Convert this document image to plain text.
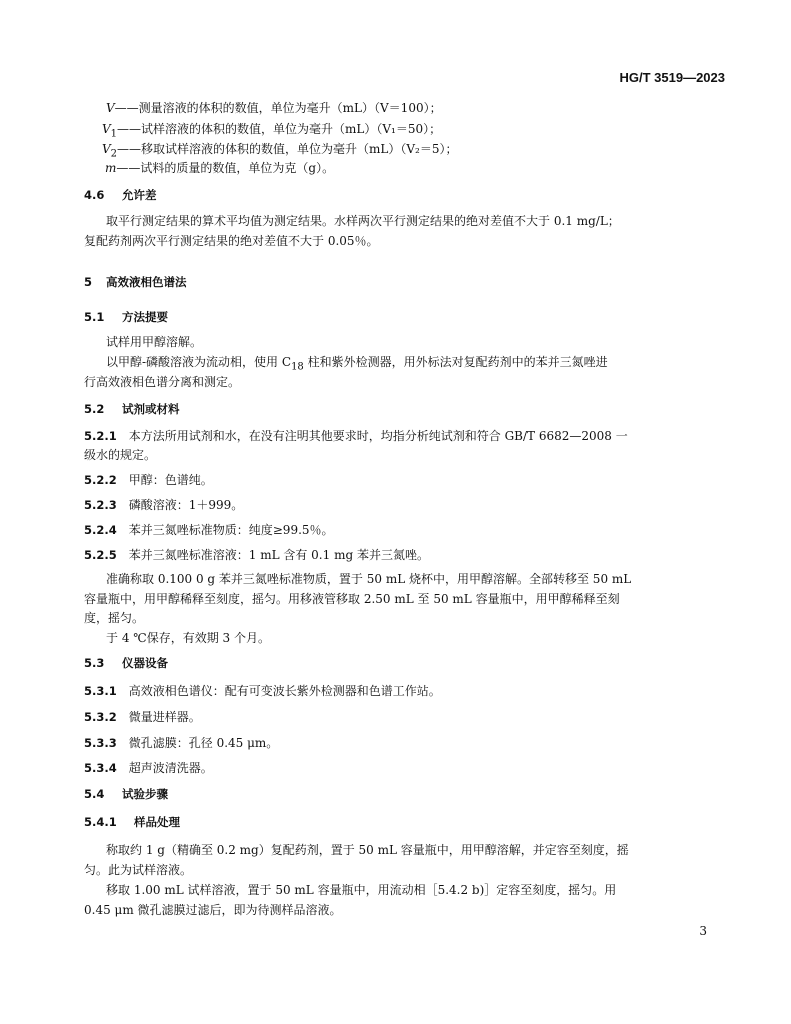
HG/T 3519—2023
V——测量溶液的体积的数值，单位为毫升（mL）（V＝100）；
$V_1——$试样溶液的体积的数值，单位为毫升（mL）（V₁＝50）；
$V_2——$移取试样溶液的体积的数值，单位为毫升（mL）（V₂＝5）；
m——试料的质量的数值，单位为克（g）。
4.6 允许差
取平行测定结果的算术平均值为测定结果。水样两次平行测定结果的绝对差值不大于 0.1 mg/L；
复配药剂两次平行测定结果的绝对差值不大于 0.05％。
5 高效液相色谱法
5.1 方法提要
试样用甲醇溶解。
以甲醇-磷酸溶液为流动相，使用 $C_{18}$ 柱和紫外检测器，用外标法对复配药剂中的苯并三氮唑进
行高效液相色谱分离和测定。
5.2 试剂或材料
5.2.1 本方法所用试剂和水，在没有注明其他要求时，均指分析纯试剂和符合 GB/T 6682—2008 一
级水的规定。
5.2.2 甲醇：色谱纯。
5.2.3 磷酸溶液：1＋999。
5.2.4 苯并三氮唑标准物质：纯度≥99.5％。
5.2.5 苯并三氮唑标准溶液：1 mL 含有 0.1 mg 苯并三氮唑。
准确称取 0.100 0 g 苯并三氮唑标准物质，置于 50 mL 烧杯中，用甲醇溶解。全部转移至 50 mL
容量瓶中，用甲醇稀释至刻度，摇匀。用移液管移取 2.50 mL 至 50 mL 容量瓶中，用甲醇稀释至刻
度，摇匀。
于 4 ℃保存，有效期 3 个月。
5.3 仪器设备
5.3.1 高效液相色谱仪：配有可变波长紫外检测器和色谱工作站。
5.3.2 微量进样器。
5.3.3 微孔滤膜：孔径 0.45 μm。
5.3.4 超声波清洗器。
5.4 试验步骤
5.4.1 样品处理
称取约 1 g（精确至 0.2 mg）复配药剂，置于 50 mL 容量瓶中，用甲醇溶解，并定容至刻度，摇
匀。此为试样溶液。
移取 1.00 mL 试样溶液，置于 50 mL 容量瓶中，用流动相［5.4.2 b)］定容至刻度，摇匀。用
0.45 μm 微孔滤膜过滤后，即为待测样品溶液。
3
